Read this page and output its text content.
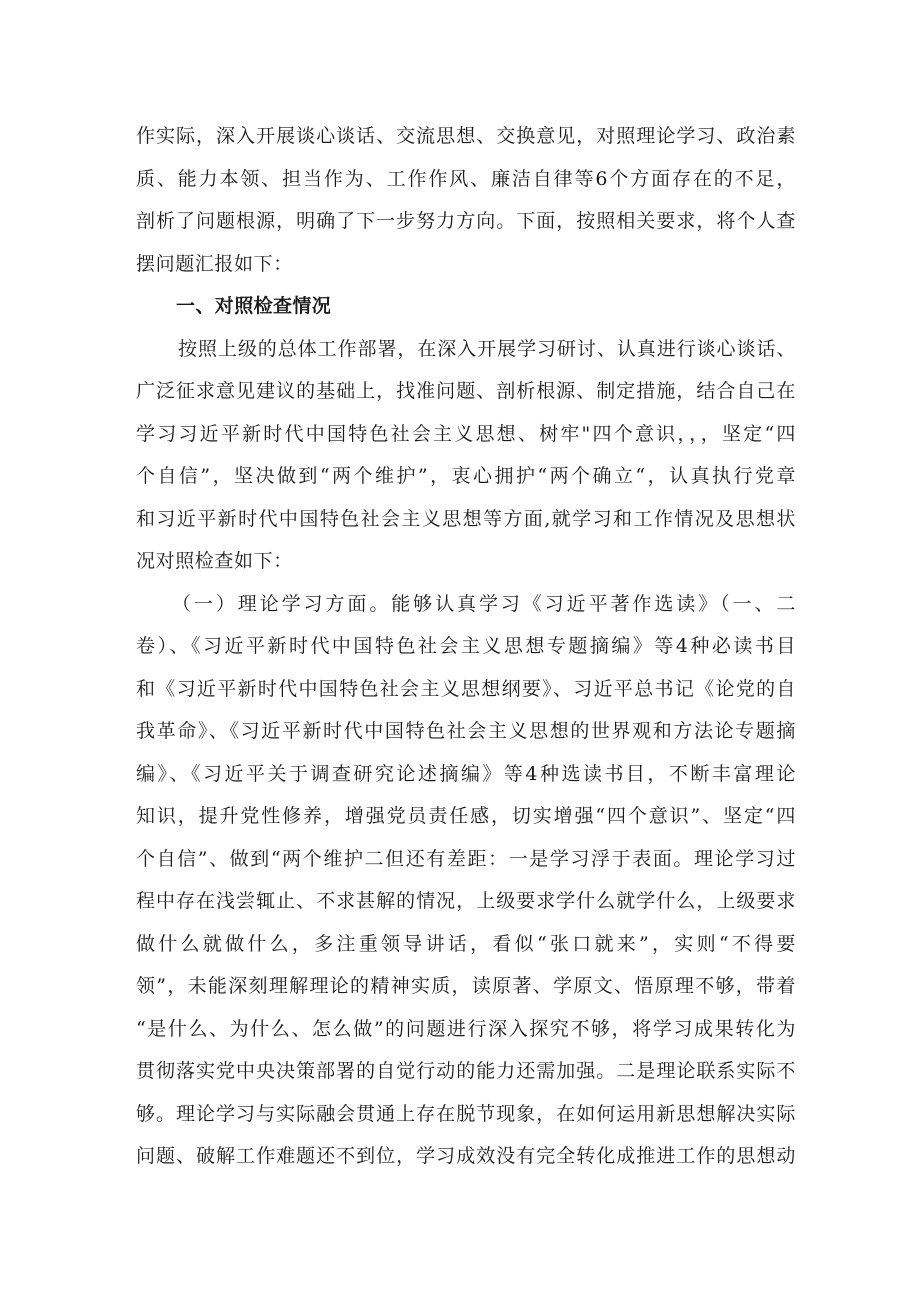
作实际，深入开展谈心谈话、交流思想、交换意见，对照理论学习、政治素
质、能力本领、担当作为、工作作风、廉洁自律等6个方面存在的不足，
剖析了问题根源，明确了下一步努力方向。下面，按照相关要求，将个人查
摆问题汇报如下：
一、对照检查情况
按照上级的总体工作部署，在深入开展学习研讨、认真进行谈心谈话、
广泛征求意见建议的基础上，找准问题、剖析根源、制定措施，结合自己在
学习习近平新时代中国特色社会主义思想、树牢"四个意识，，，坚定“四
个自信”，坚决做到“两个维护”，衷心拥护“两个确立“，认真执行党章
和习近平新时代中国特色社会主义思想等方面,就学习和工作情况及思想状
况对照检查如下：
（一）理论学习方面。能够认真学习《习近平著作选读》（一、二
卷）、《习近平新时代中国特色社会主义思想专题摘编》等4种必读书目
和《习近平新时代中国特色社会主义思想纲要》、习近平总书记《论党的自
我革命》、《习近平新时代中国特色社会主义思想的世界观和方法论专题摘
编》、《习近平关于调查研究论述摘编》等4种选读书目，不断丰富理论
知识，提升党性修养，增强党员责任感，切实增强“四个意识”、坚定“四
个自信”、做到“两个维护二但还有差距：一是学习浮于表面。理论学习过
程中存在浅尝辄止、不求甚解的情况，上级要求学什么就学什么，上级要求
做什么就做什么，多注重领导讲话，看似“张口就来”，实则“不得要
领”，未能深刻理解理论的精神实质，读原著、学原文、悟原理不够，带着
“是什么、为什么、怎么做”的问题进行深入探究不够，将学习成果转化为
贯彻落实党中央决策部署的自觉行动的能力还需加强。二是理论联系实际不
够。理论学习与实际融会贯通上存在脱节现象，在如何运用新思想解决实际
问题、破解工作难题还不到位，学习成效没有完全转化成推进工作的思想动
